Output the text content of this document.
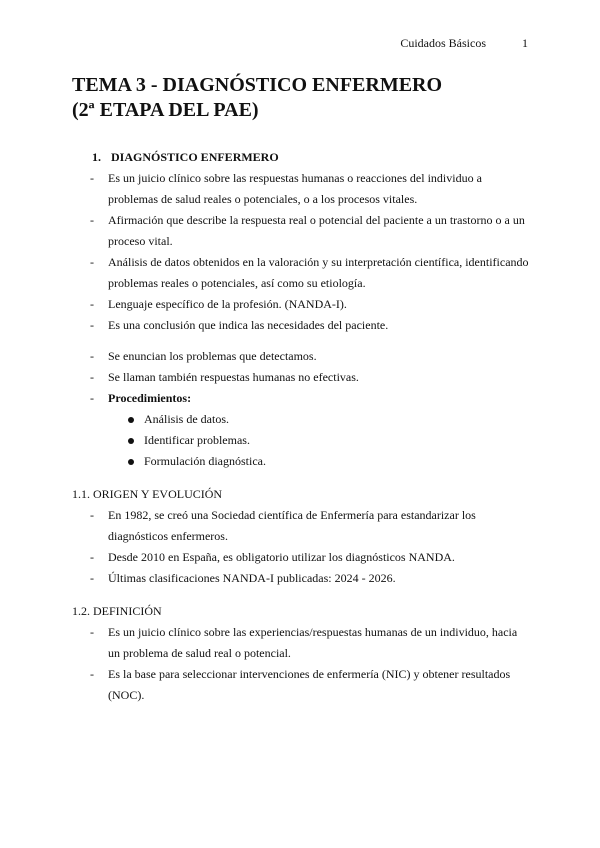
Cuidados Básicos	1
TEMA 3 - DIAGNÓSTICO ENFERMERO
(2ª ETAPA DEL PAE)
1. DIAGNÓSTICO ENFERMERO
- Es un juicio clínico sobre las respuestas humanas o reacciones del individuo a problemas de salud reales o potenciales, o a los procesos vitales.
- Afirmación que describe la respuesta real o potencial del paciente a un trastorno o a un proceso vital.
- Análisis de datos obtenidos en la valoración y su interpretación científica, identificando problemas reales o potenciales, así como su etiología.
- Lenguaje específico de la profesión. (NANDA-I).
- Es una conclusión que indica las necesidades del paciente.
- Se enuncian los problemas que detectamos.
- Se llaman también respuestas humanas no efectivas.
- Procedimientos:
Análisis de datos.
Identificar problemas.
Formulación diagnóstica.
1.1. ORIGEN Y EVOLUCIÓN
- En 1982, se creó una Sociedad científica de Enfermería para estandarizar los diagnósticos enfermeros.
- Desde 2010 en España, es obligatorio utilizar los diagnósticos NANDA.
- Últimas clasificaciones NANDA-I publicadas: 2024 - 2026.
1.2. DEFINICIÓN
- Es un juicio clínico sobre las experiencias/respuestas humanas de un individuo, hacia un problema de salud real o potencial.
- Es la base para seleccionar intervenciones de enfermería (NIC) y obtener resultados (NOC).
